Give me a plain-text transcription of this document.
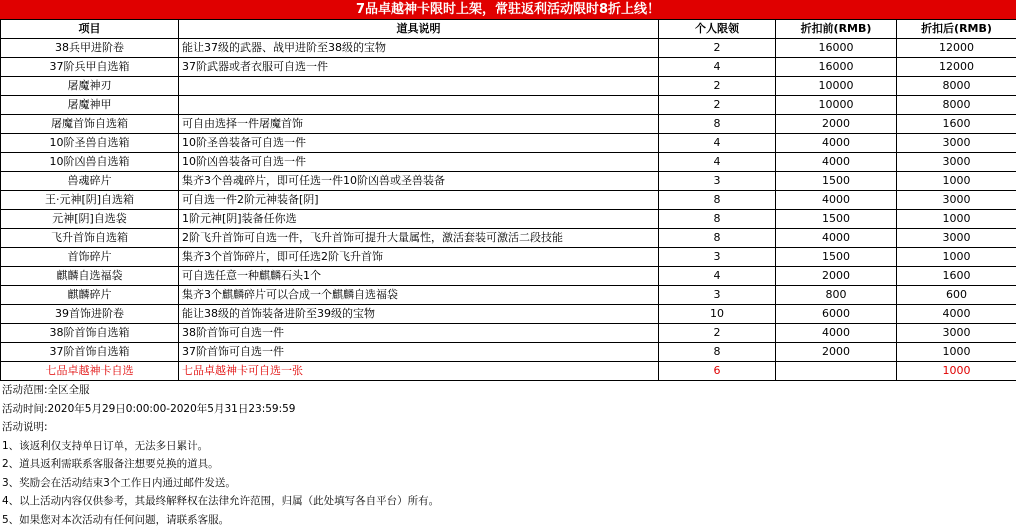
7品卓越神卡限时上架，常驻返利活动限时8折上线！
项目	道具说明	个人限领	折扣前(RMB)	折扣后(RMB)
38兵甲进阶卷	能让37级的武器、战甲进阶至38级的宝物	2	16000	12000
37阶兵甲自选箱	37阶武器或者衣服可自选一件	4	16000	12000
屠魔神刃		2	10000	8000
屠魔神甲		2	10000	8000
屠魔首饰自选箱	可自由选择一件屠魔首饰	8	2000	1600
10阶圣兽自选箱	10阶圣兽装备可自选一件	4	4000	3000
10阶凶兽自选箱	10阶凶兽装备可自选一件	4	4000	3000
兽魂碎片	集齐3个兽魂碎片，即可任选一件10阶凶兽或圣兽装备	3	1500	1000
王·元神[阴]自选箱	可自选一件2阶元神装备[阴]	8	4000	3000
元神[阴]自选袋	1阶元神[阴]装备任你选	8	1500	1000
飞升首饰自选箱	2阶飞升首饰可自选一件，飞升首饰可提升大量属性，激活套装可激活二段技能	8	4000	3000
首饰碎片	集齐3个首饰碎片，即可任选2阶飞升首饰	3	1500	1000
麒麟自选福袋	可自选任意一种麒麟石头1个	4	2000	1600
麒麟碎片	集齐3个麒麟碎片可以合成一个麒麟自选福袋	3	800	600
39首饰进阶卷	能让38级的首饰装备进阶至39级的宝物	10	6000	4000
38阶首饰自选箱	38阶首饰可自选一件	2	4000	3000
37阶首饰自选箱	37阶首饰可自选一件	8	2000	1000
七品卓越神卡自选	七品卓越神卡可自选一张	6		1000
活动范围:全区全服
活动时间:2020年5月29日0:00:00-2020年5月31日23:59:59
活动说明:
1、该返利仅支持单日订单，无法多日累计。
2、道具返利需联系客服备注想要兑换的道具。
3、奖励会在活动结束3个工作日内通过邮件发送。
4、以上活动内容仅供参考，其最终解释权在法律允许范围，归属（此处填写各自平台）所有。
5、如果您对本次活动有任何问题，请联系客服。
